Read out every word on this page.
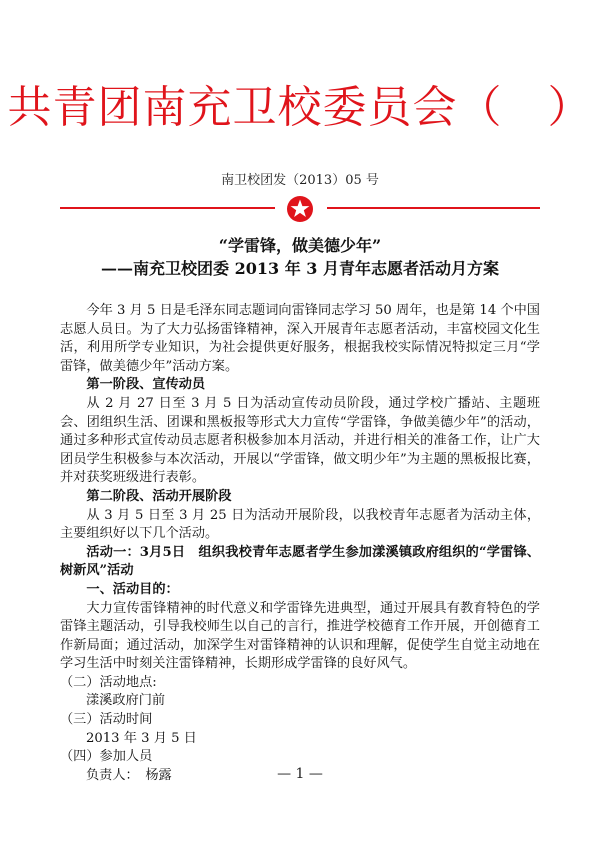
共青团南充卫校委员会（　）
南卫校团发（2013）05 号
“学雷锋，做美德少年”
——南充卫校团委 2013 年 3 月青年志愿者活动月方案

今年 3 月 5 日是毛泽东同志题词向雷锋同志学习 50 周年，也是第 14 个中国志愿人员日。为了大力弘扬雷锋精神，深入开展青年志愿者活动，丰富校园文化生活，利用所学专业知识，为社会提供更好服务，根据我校实际情况特拟定三月“学雷锋，做美德少年”活动方案。

第一阶段、宣传动员

从 2 月 27 日至 3 月 5 日为活动宣传动员阶段，通过学校广播站、主题班会、团组织生活、团课和黑板报等形式大力宣传“学雷锋，争做美德少年”的活动，通过多种形式宣传动员志愿者积极参加本月活动，并进行相关的准备工作，让广大团员学生积极参与本次活动，开展以“学雷锋，做文明少年”为主题的黑板报比赛，并对获奖班级进行表彰。

第二阶段、活动开展阶段

从 3 月 5 日至 3 月 25 日为活动开展阶段，以我校青年志愿者为活动主体，主要组织好以下几个活动。

活动一：3月5日　组织我校青年志愿者学生参加漾溪镇政府组织的“学雷锋、树新风”活动

一、活动目的：

大力宣传雷锋精神的时代意义和学雷锋先进典型，通过开展具有教育特色的学雷锋主题活动，引导我校师生以自己的言行，推进学校德育工作开展，开创德育工作新局面；通过活动，加深学生对雷锋精神的认识和理解，促使学生自觉主动地在学习生活中时刻关注雷锋精神，长期形成学雷锋的良好风气。

（二）活动地点:

漾溪政府门前

（三）活动时间

2013 年 3 月 5 日

（四）参加人员

负责人：　杨露	— 1 —
